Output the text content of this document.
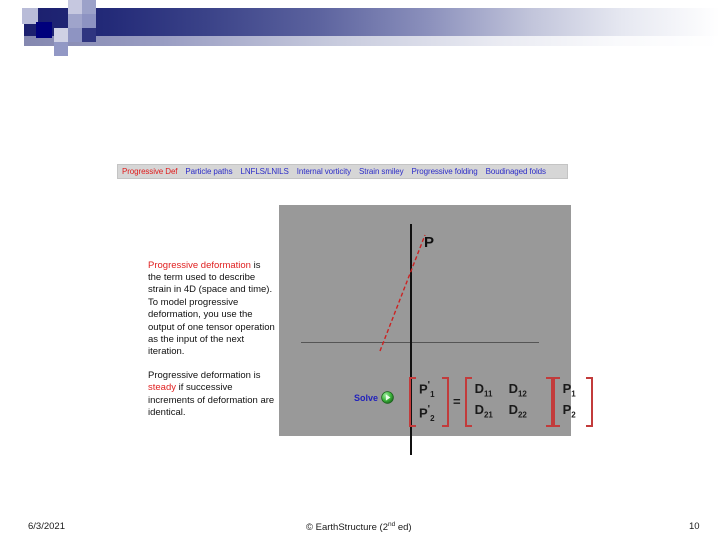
Progressive Def	Particle paths	LNFLS/LNILS	Internal vorticity	Strain smiley	Progressive folding	Boudinaged folds
P
Solve
$P'_1$
$P'_2$
=
$D_{11}$	$D_{12}$
$D_{21}$	$D_{22}$
$P_1$
$P_2$

Progressive deformation is the term used to describe strain in 4D (space and time). To model progressive deformation, you use the output of one tensor operation as the input of the next iteration.

Progressive deformation is steady if successive increments of deformation are identical.

6/3/2021	© EarthStructure (2nd ed)	10
